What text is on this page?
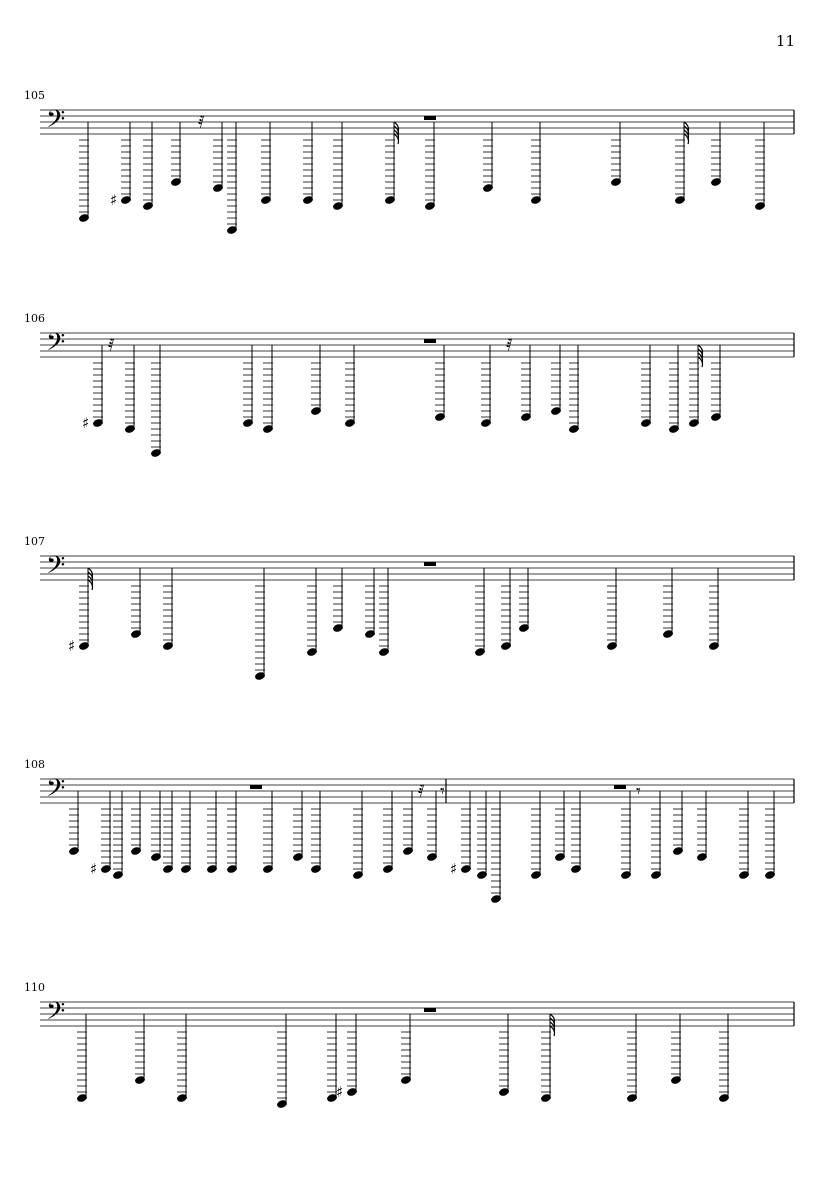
11
105
106
107
108
110
𝄢	𝅀
♯
𝄢 𝅀	𝅀
♯
𝄢
♯
𝄢	𝅀 𝄾	𝄾
♯	♯
𝄢
♯
